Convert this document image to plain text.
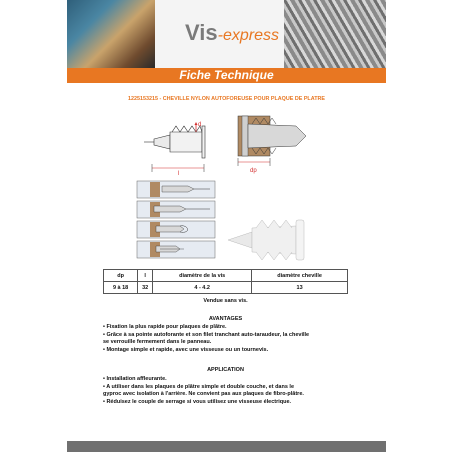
Vis-express
Fiche Technique
1225153215 - CHEVILLE NYLON AUTOFOREUSE POUR PLAQUE DE PLATRE
d
l	dp
dp	l	diamètre de la vis	diamètre cheville
9 à 18	32	4 - 4.2	13
Vendue sans vis.
AVANTAGES
• Fixation la plus rapide pour plaques de plâtre.
• Grâce à sa pointe autoforante et son filet tranchant auto-taraudeur, la cheville
se verrouille fermement dans le panneau.
• Montage simple et rapide, avec une visseuse ou un tournevis.
APPLICATION
• Installation affleurante.
• A utiliser dans les plaques de plâtre simple et double couche, et dans le
gyproc avec isolation à l'arrière. Ne convient pas aux plaques de fibro-plâtre.
• Réduisez le couple de serrage si vous utilisez une visseuse électrique.
